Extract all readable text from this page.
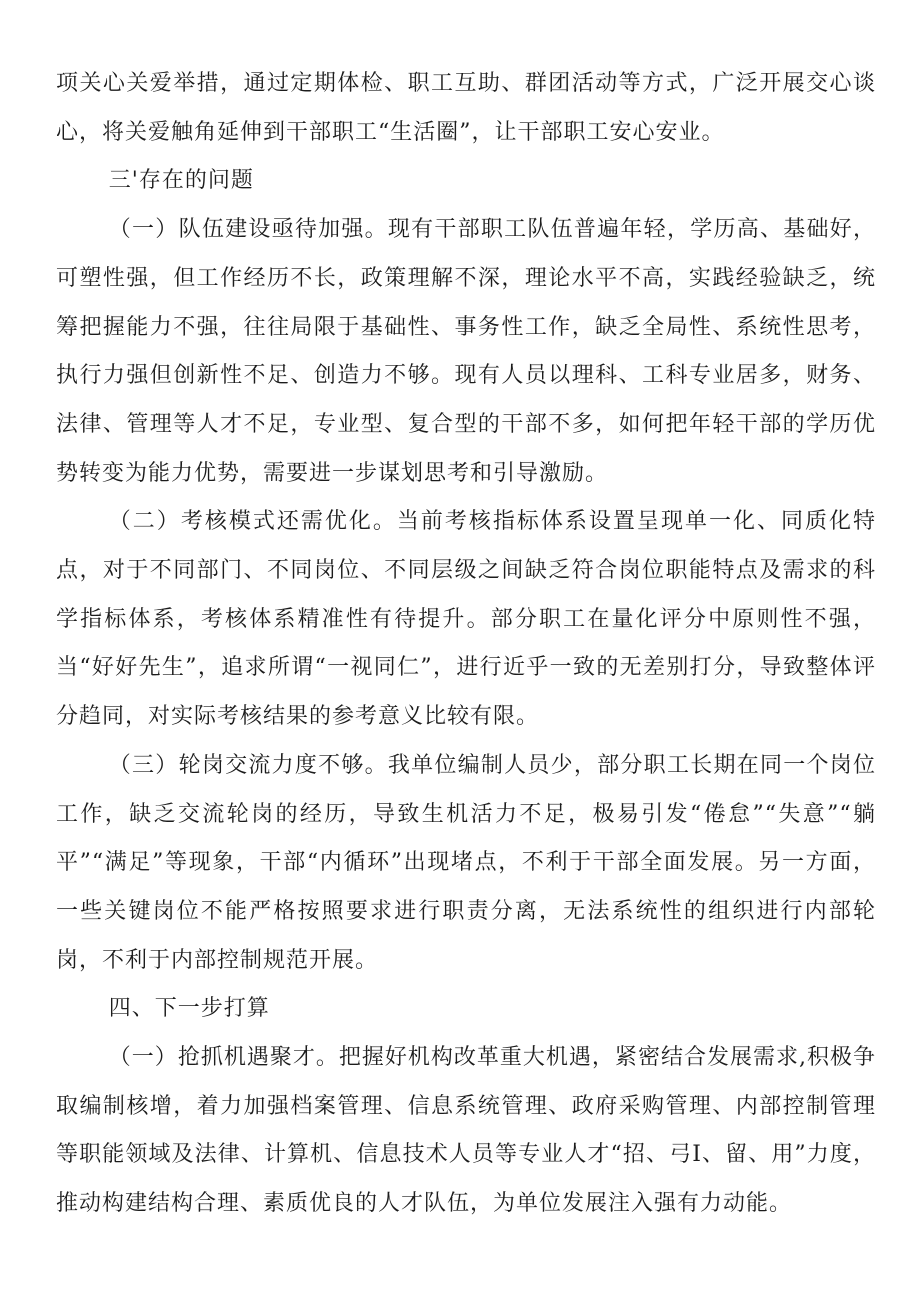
项关心关爱举措，通过定期体检、职工互助、群团活动等方式，广泛开展交心谈心，将关爱触角延伸到干部职工“生活圈”，让干部职工安心安业。

三'存在的问题

（一）队伍建设亟待加强。现有干部职工队伍普遍年轻，学历高、基础好，可塑性强，但工作经历不长，政策理解不深，理论水平不高，实践经验缺乏，统筹把握能力不强，往往局限于基础性、事务性工作，缺乏全局性、系统性思考，执行力强但创新性不足、创造力不够。现有人员以理科、工科专业居多，财务、法律、管理等人才不足，专业型、复合型的干部不多，如何把年轻干部的学历优势转变为能力优势，需要进一步谋划思考和引导激励。

（二）考核模式还需优化。当前考核指标体系设置呈现单一化、同质化特点，对于不同部门、不同岗位、不同层级之间缺乏符合岗位职能特点及需求的科学指标体系，考核体系精准性有待提升。部分职工在量化评分中原则性不强，当“好好先生”，追求所谓“一视同仁”，进行近乎一致的无差别打分，导致整体评分趋同，对实际考核结果的参考意义比较有限。

（三）轮岗交流力度不够。我单位编制人员少，部分职工长期在同一个岗位工作，缺乏交流轮岗的经历，导致生机活力不足，极易引发“倦怠”“失意”“躺平”“满足”等现象，干部“内循环”出现堵点，不利于干部全面发展。另一方面，一些关键岗位不能严格按照要求进行职责分离，无法系统性的组织进行内部轮岗，不利于内部控制规范开展。

四、下一步打算

（一）抢抓机遇聚才。把握好机构改革重大机遇，紧密结合发展需求,积极争取编制核增，着力加强档案管理、信息系统管理、政府采购管理、内部控制管理等职能领域及法律、计算机、信息技术人员等专业人才“招、弓I、留、用”力度，推动构建结构合理、素质优良的人才队伍，为单位发展注入强有力动能。
